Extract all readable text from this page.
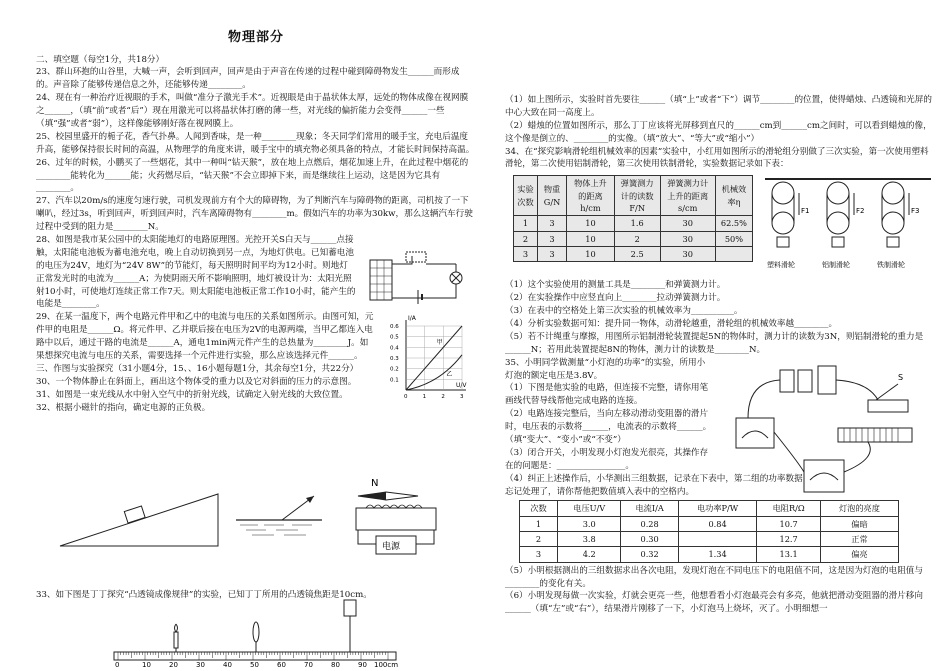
物理部分

二、填空题（每空1分，共18分）

23、群山环抱的山谷里，大喊一声，会听到回声，回声是由于声音在传递的过程中碰到障碍物发生______而形成的。声音除了能够传递信息之外，还能够传递________。

24、现在有一种治疗近视眼的手术，叫做“准分子激光手术”。近视眼是由于晶状体太厚，远处的物体成像在视网膜之______，（填“前”或者“后”）现在用激光可以将晶状体打磨的薄一些，对光线的偏折能力会变得______一些（填“强”或者“弱”），这样像能够刚好落在视网膜上。

25、校园里盛开的栀子花，香气扑鼻。人闻到香味，是一种________现象；冬天同学们常用的暖手宝，充电后温度升高，能够保持很长时间的高温，从物理学的角度来讲，暖手宝中的填充物必须具备的特点，才能长时间保持高温。

26、过年的时候，小鹏买了一些烟花，其中一种叫“钻天猴”，放在地上点燃后，烟花加速上升，在此过程中烟花的________能转化为______能；火药燃尽后，“钻天猴”不会立即掉下来，而是继续往上运动，这是因为它具有________。

27、汽车以20m/s的速度匀速行驶，司机发现前方有个大的障碍物，为了判断汽车与障碍物的距离，司机按了一下喇叭，经过3s，听到回声，听到回声时，汽车离障碍物有________m。假如汽车的功率为30kw，那么这辆汽车行驶过程中受到的阻力是________N。

28、如图是我市某公园中的太阳能地灯的电路原理图。光控开关S白天与______点接触，太阳能电池板为蓄电池充电，晚上自动切换到另一点，为地灯供电。已知蓄电池的电压为24V，地灯为“24V 8W”的节能灯，每天照明时间平均为12小时。则地灯正常发光时的电流为______A；为使阴雨天所不影响照明，地灯被设计为：太阳光照射10小时，可使地灯连续正常工作7天。则太阳能电池板正常工作10小时，能产生的电能是________。

29、在某一温度下，两个电路元件甲和乙中的电流与电压的关系如图所示。由图可知，元件甲的电阻是______Ω。将元件甲、乙并联后接在电压为2V的电源两端，当甲乙都连入电路中以后，通过干路的电流是______A，通电1min两元件产生的总热量为________J。如果想探究电流与电压的关系，需要选择一个元件进行实验，那么应该选择元件______。

三、作图与实验探究（31小题4分，15、、16小题每题1分，其余每空1分，共22分）

30、一个物体静止在斜面上，画出这个物体受的重力以及它对斜面的压力的示意图。

31、如图是一束光线从水中射入空气中的折射光线，试确定入射光线的大致位置。

32、根据小磁针的指向，确定电源的正负极。

33、如下图是丁丁探究“凸透镜成像规律”的实验，已知丁丁所用的凸透镜焦距是10cm。

I/A
U/V
0.6
0.5
0.4
0.3
0.2
0.1
0	1	2	3
甲
乙
N
电源
0	10	20	30	40	50	60	70	80	90 100cm

（1）如上图所示，实验时首先要往______（填“上”或者“下”）调节________的位置，使得蜡烛、凸透镜和光屏的中心大致在同一高度上。

（2）蜡烛的位置如图所示，那么丁丁应该将光屏移到直尺的______cm到______cm之间时，可以看到蜡烛的像，这个像是倒立的、________的实像。（填“放大”、“等大”或“缩小”）

34、在“探究影响滑轮组机械效率的因素”实验中，小红用如图所示的滑轮组分别做了三次实验，第一次使用塑料滑轮，第二次使用铝制滑轮，第三次使用铁制滑轮，实验数据记录如下表：

实验次数	物重G/N	物体上升的距离h/cm	弹簧测力计的读数F/N	弹簧测力计上升的距离s/cm	机械效率η
1	3	10	1.6	30	62.5%
2	3	10	2	30	50%
3	3	10	2.5	30	
F1
塑料滑轮
F2
铝制滑轮
F3
铁制滑轮

（1）这个实验使用的测量工具是________和弹簧测力计。

（2）在实验操作中应竖直向上________拉动弹簧测力计。

（3）在表中的空格处上第三次实验的机械效率为__________。

（4）分析实验数据可知：提升同一物体，动滑轮越重，滑轮组的机械效率越________。

（5）若不计绳重与摩擦，用图所示铝制滑轮装置提起5N的物体时，测力计的读数为3N，则铝制滑轮的重力是______N；若用此装置提起8N的物体，测力计的读数是________N。

35、小明同学做测量“小灯泡的功率”的实验，所用小灯泡的额定电压是3.8V。

（1）下图是他实验的电路，但连接不完整，请你用笔画线代替导线帮他完成电路的连接。

（2）电路连接完整后，当向左移动滑动变阻器的滑片时，电压表的示数将______，电流表的示数将______。（填“变大”、“变小”或“不变”）

（3）闭合开关，小明发现小灯泡发光很亮，其操作存在的问题是：________________。

（4）纠正上述操作后，小华测出三组数据，记录在下表中，第二组的功率数据忘记处理了，请你帮他把数值填入表中的空格内。

次数	电压U/V	电流I/A	电功率P/W	电阻R/Ω	灯泡的亮度
1	3.0	0.28	0.84	10.7	偏暗
2	3.8	0.30		12.7	正常
3	4.2	0.32	1.34	13.1	偏亮

（5）小明根据测出的三组数据求出各次电阻，发现灯泡在不同电压下的电阻值不同，这是因为灯泡的电阻值与________的变化有关。

（6）小明发现每做一次实验，灯就会更亮一些，他想看看小灯泡最亮会有多亮，他就把滑动变阻器的滑片移向______（填“左”或“右”），结果滑片刚移了一下，小灯泡马上烧坏，灭了。小明细想一

S
